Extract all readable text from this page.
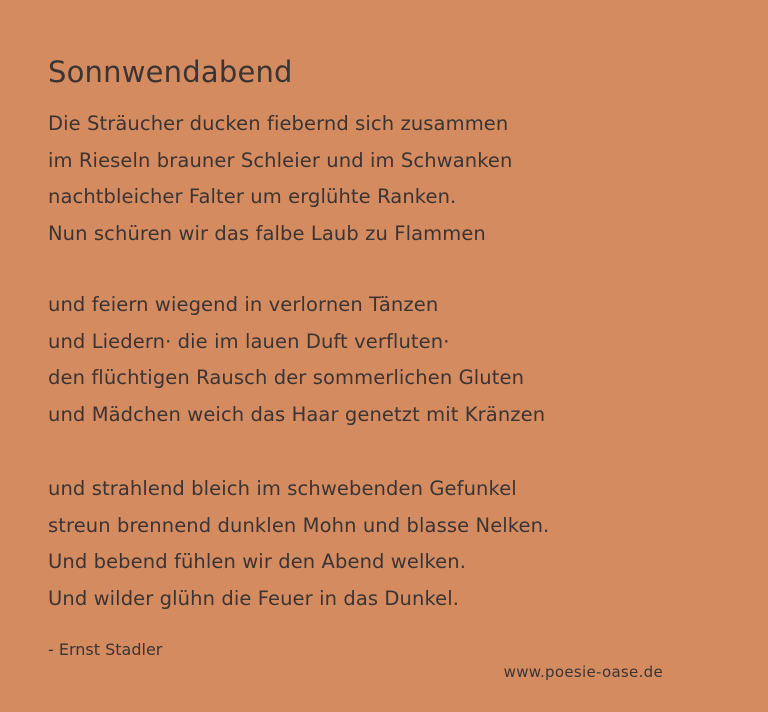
Sonnwendabend
Die Sträucher ducken fiebernd sich zusammen
im Rieseln brauner Schleier und im Schwanken
nachtbleicher Falter um erglühte Ranken.
Nun schüren wir das falbe Laub zu Flammen
und feiern wiegend in verlornen Tänzen
und Liedern· die im lauen Duft verfluten·
den flüchtigen Rausch der sommerlichen Gluten
und Mädchen weich das Haar genetzt mit Kränzen
und strahlend bleich im schwebenden Gefunkel
streun brennend dunklen Mohn und blasse Nelken.
Und bebend fühlen wir den Abend welken.
Und wilder glühn die Feuer in das Dunkel.

- Ernst Stadler

www.poesie-oase.de
